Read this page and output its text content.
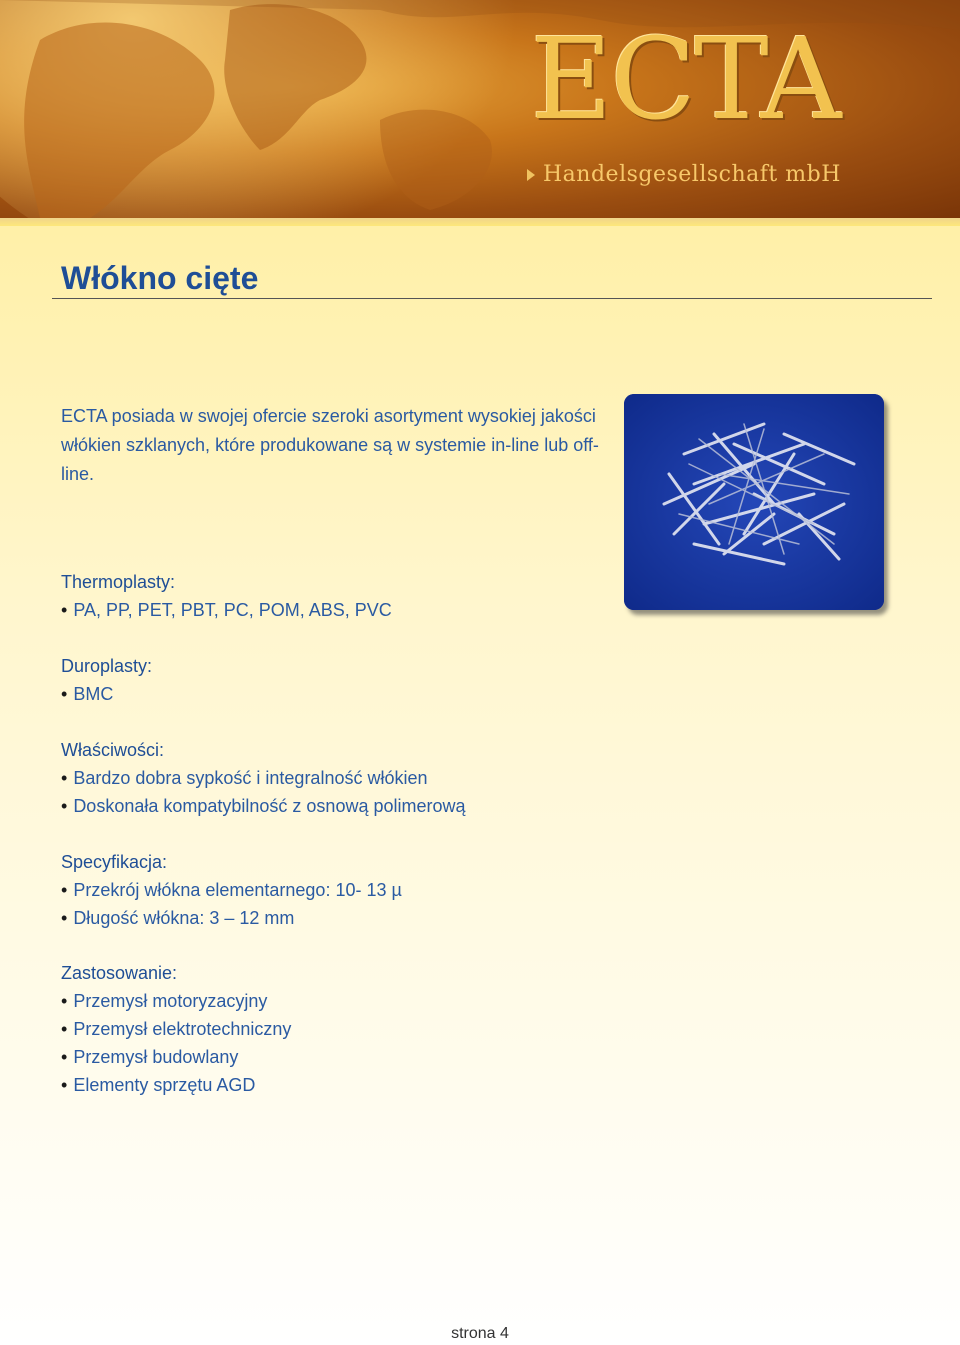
ECTA
Handelsgesellschaft mbH
Włókno cięte
ECTA posiada w swojej ofercie szeroki asortyment wysokiej jakości włókien szklanych, które produkowane są w systemie in-line lub off-line.
Thermoplasty:
• PA, PP, PET, PBT, PC, POM, ABS, PVC
Duroplasty:
• BMC
Właściwości:
• Bardzo dobra sypkość i integralność włókien
• Doskonała kompatybilność z osnową polimerową
Specyfikacja:
• Przekrój włókna elementarnego: 10- 13 µ
• Długość włókna: 3 – 12 mm
Zastosowanie:
• Przemysł motoryzacyjny
• Przemysł elektrotechniczny
• Przemysł budowlany
• Elementy sprzętu AGD
strona 4
